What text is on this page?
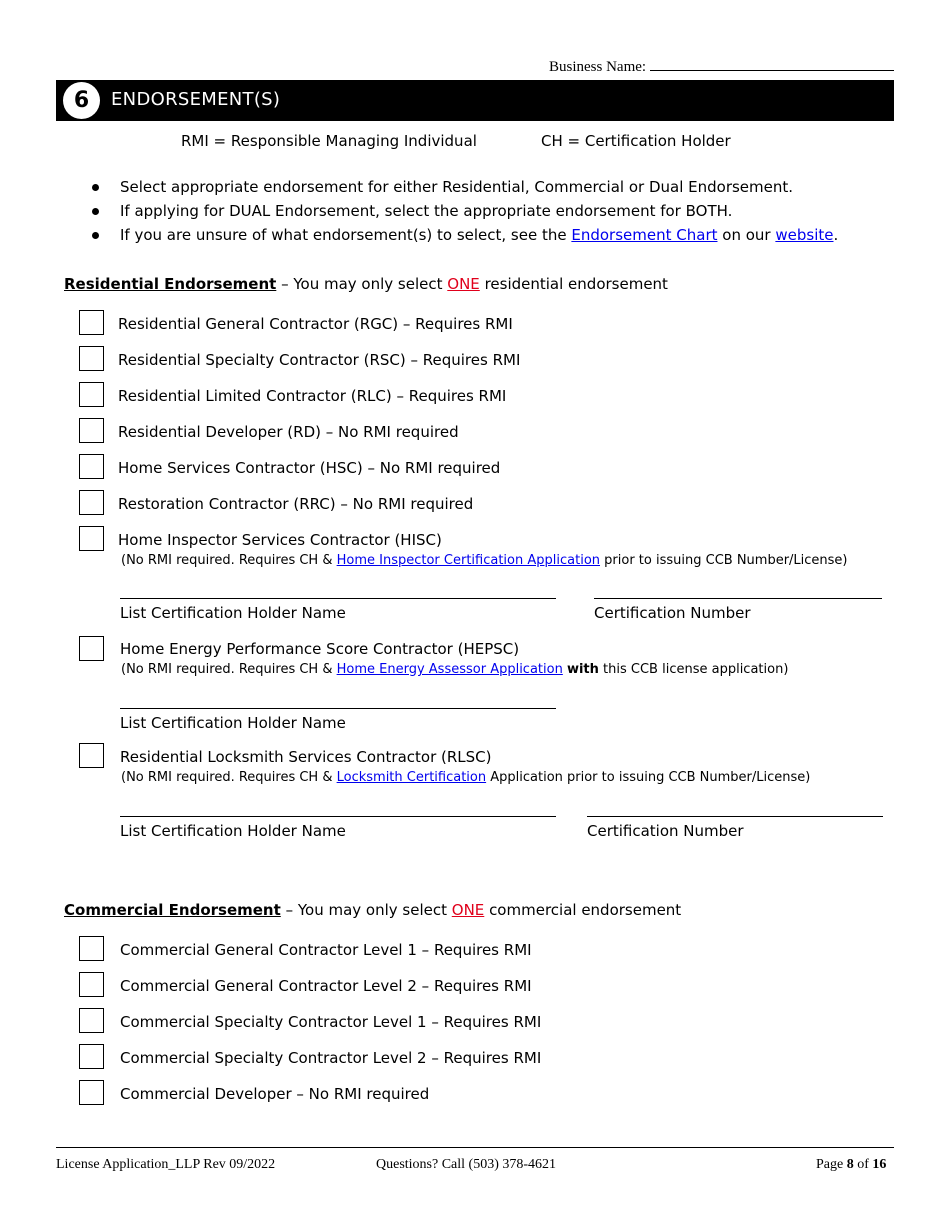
Business Name:
6	ENDORSEMENT(S)
RMI = Responsible Managing Individual	CH = Certification Holder
Select appropriate endorsement for either Residential, Commercial or Dual Endorsement.
If applying for DUAL Endorsement, select the appropriate endorsement for BOTH.
If you are unsure of what endorsement(s) to select, see the Endorsement Chart on our website.
Residential Endorsement – You may only select ONE residential endorsement
Residential General Contractor (RGC) – Requires RMI
Residential Specialty Contractor (RSC) – Requires RMI
Residential Limited Contractor (RLC) – Requires RMI
Residential Developer (RD) – No RMI required
Home Services Contractor (HSC) – No RMI required
Restoration Contractor (RRC) – No RMI required
Home Inspector Services Contractor (HISC)
(No RMI required. Requires CH & Home Inspector Certification Application prior to issuing CCB Number/License)
List Certification Holder Name	Certification Number
Home Energy Performance Score Contractor (HEPSC)
(No RMI required. Requires CH & Home Energy Assessor Application with this CCB license application)
List Certification Holder Name
Residential Locksmith Services Contractor (RLSC)
(No RMI required. Requires CH & Locksmith Certification Application prior to issuing CCB Number/License)
List Certification Holder Name	Certification Number
Commercial Endorsement – You may only select ONE commercial endorsement
Commercial General Contractor Level 1 – Requires RMI
Commercial General Contractor Level 2 – Requires RMI
Commercial Specialty Contractor Level 1 – Requires RMI
Commercial Specialty Contractor Level 2 – Requires RMI
Commercial Developer – No RMI required
License Application_LLP Rev 09/2022	Questions? Call (503) 378-4621	Page 8 of 16
